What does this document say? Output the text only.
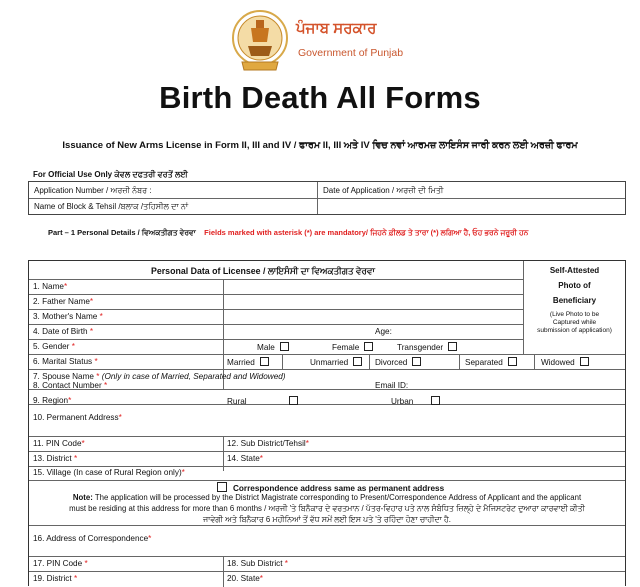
ਪੰਜਾਬ ਸਰਕਾਰ
Government of Punjab
Birth Death All Forms
Issuance of New Arms License in Form II, III and IV / ਫਾਰਮ II, III ਅਤੇ IV ਵਿਚ ਨਵਾਂ ਆਰਮਜ਼ ਲਾਇਸੰਸ ਜਾਰੀ ਕਰਨ ਲਈ ਅਰਜ਼ੀ ਫਾਰਮ
For Official Use Only ਕੇਵਲ ਦਫਤਰੀ ਵਰਤੋਂ ਲਈ
Application Number / ਅਰਜ਼ੀ ਨੰਬਰ :	Date of Application / ਅਰਜ਼ੀ ਦੀ ਮਿਤੀ
Name of Block & Tehsil /ਬਲਾਕ /ਤਹਿਸੀਲ ਦਾ ਨਾਂ
Part – 1 Personal Details / ਵਿਅਕਤੀਗਤ ਵੇਰਵਾ Fields marked with asterisk (*) are mandatory/ ਜਿਹਨੇ ਫ਼ੀਲਡ ਤੇ ਤਾਰਾ (*) ਲਗਿਆ ਹੈ, ਓਹ ਭਰਨੇ ਜਰੂਰੀ ਹਨ
Personal Data of Licensee / ਲਾਇਸੰਸੀ ਦਾ ਵਿਅਕਤੀਗਤ ਵੇਰਵਾ	Self-Attested
Photo of
Beneficiary
(Live Photo to be Captured while submission of application)
1. Name*
2. Father Name*
3. Mother's Name *
4. Date of Birth *	Age:
5. Gender *	Male	Female	Transgender
6. Marital Status *	Married	Unmarried	Divorced	Separated	Widowed
7. Spouse Name * (Only in case of Married, Separated and Widowed)
8. Contact Number *	Email ID:
9. Region*	Rural	Urban
10. Permanent Address*
11. PIN Code*	12. Sub District/Tehsil*
13. District *	14. State*
15. Village (In case of Rural Region only)*
Correspondence address same as permanent address
Note: The application will be processed by the District Magistrate corresponding to Present/Correspondence Address of Applicant and the applicant
must be residing at this address for more than 6 months / ਅਰਜੀ 'ਤੇ ਬਿਨੈਕਾਰ ਦੇ ਵਰਤਮਾਨ / ਪੱਤਰ-ਵਿਹਾਰ ਪਤੇ ਨਾਲ ਸੰਬੰਧਿਤ ਜ਼ਿਲ੍ਹੇ ਦੇ ਮੈਜਿਸਟਰੇਟ ਦੁਆਰਾ ਕਾਰਵਾਈ ਕੀਤੀ
ਜਾਵੇਗੀ ਅਤੇ ਬਿਨੈਕਾਰ 6 ਮਹੀਨਿਆਂ ਤੋਂ ਵੱਧ ਸਮੇਂ ਲਈ ਇਸ ਪਤੇ 'ਤੇ ਰਹਿੰਦਾ ਹੋਣਾ ਚਾਹੀਦਾ ਹੈ.
16. Address of Correspondence*
17. PIN Code *	18. Sub District *
19. District *	20. State*
